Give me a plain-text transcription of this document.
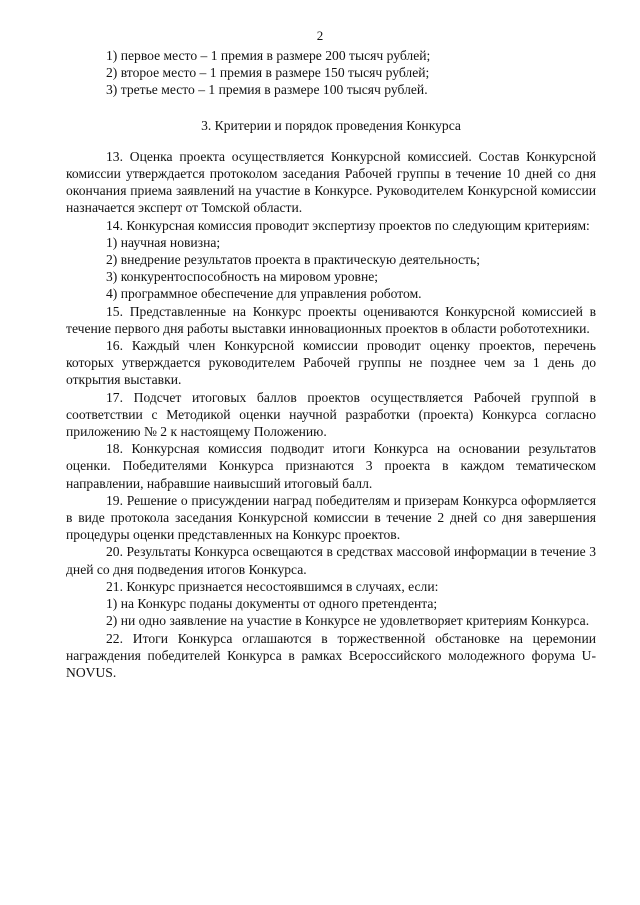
2

1) первое место – 1 премия в размере 200 тысяч рублей;

2) второе место – 1 премия в размере 150 тысяч рублей;

3) третье место – 1 премия в размере 100 тысяч рублей.

3. Критерии и порядок проведения Конкурса

13. Оценка проекта осуществляется Конкурсной комиссией. Состав Конкурсной комиссии утверждается протоколом заседания Рабочей группы в течение 10 дней со дня окончания приема заявлений на участие в Конкурсе. Руководителем Конкурсной комиссии назначается эксперт от Томской области.

14. Конкурсная комиссия проводит экспертизу проектов по следующим критериям:

1) научная новизна;

2) внедрение результатов проекта в практическую деятельность;

3) конкурентоспособность на мировом уровне;

4) программное обеспечение для управления роботом.

15. Представленные на Конкурс проекты оцениваются Конкурсной комиссией в течение первого дня работы выставки инновационных проектов в области робототехники.

16. Каждый член Конкурсной комиссии проводит оценку проектов, перечень которых утверждается руководителем Рабочей группы не позднее чем за 1 день до открытия выставки.

17. Подсчет итоговых баллов проектов осуществляется Рабочей группой в соответствии с Методикой оценки научной разработки (проекта) Конкурса согласно приложению № 2 к настоящему Положению.

18. Конкурсная комиссия подводит итоги Конкурса на основании результатов оценки. Победителями Конкурса признаются 3 проекта в каждом тематическом направлении, набравшие наивысший итоговый балл.

19. Решение о присуждении наград победителям и призерам Конкурса оформляется в виде протокола заседания Конкурсной комиссии в течение 2 дней со дня завершения процедуры оценки представленных на Конкурс проектов.

20. Результаты Конкурса освещаются в средствах массовой информации в течение 3 дней со дня подведения итогов Конкурса.

21. Конкурс признается несостоявшимся в случаях, если:

1) на Конкурс поданы документы от одного претендента;

2) ни одно заявление на участие в Конкурсе не удовлетворяет критериям Конкурса.

22. Итоги Конкурса оглашаются в торжественной обстановке на церемонии награждения победителей Конкурса в рамках Всероссийского молодежного форума U-NOVUS.
